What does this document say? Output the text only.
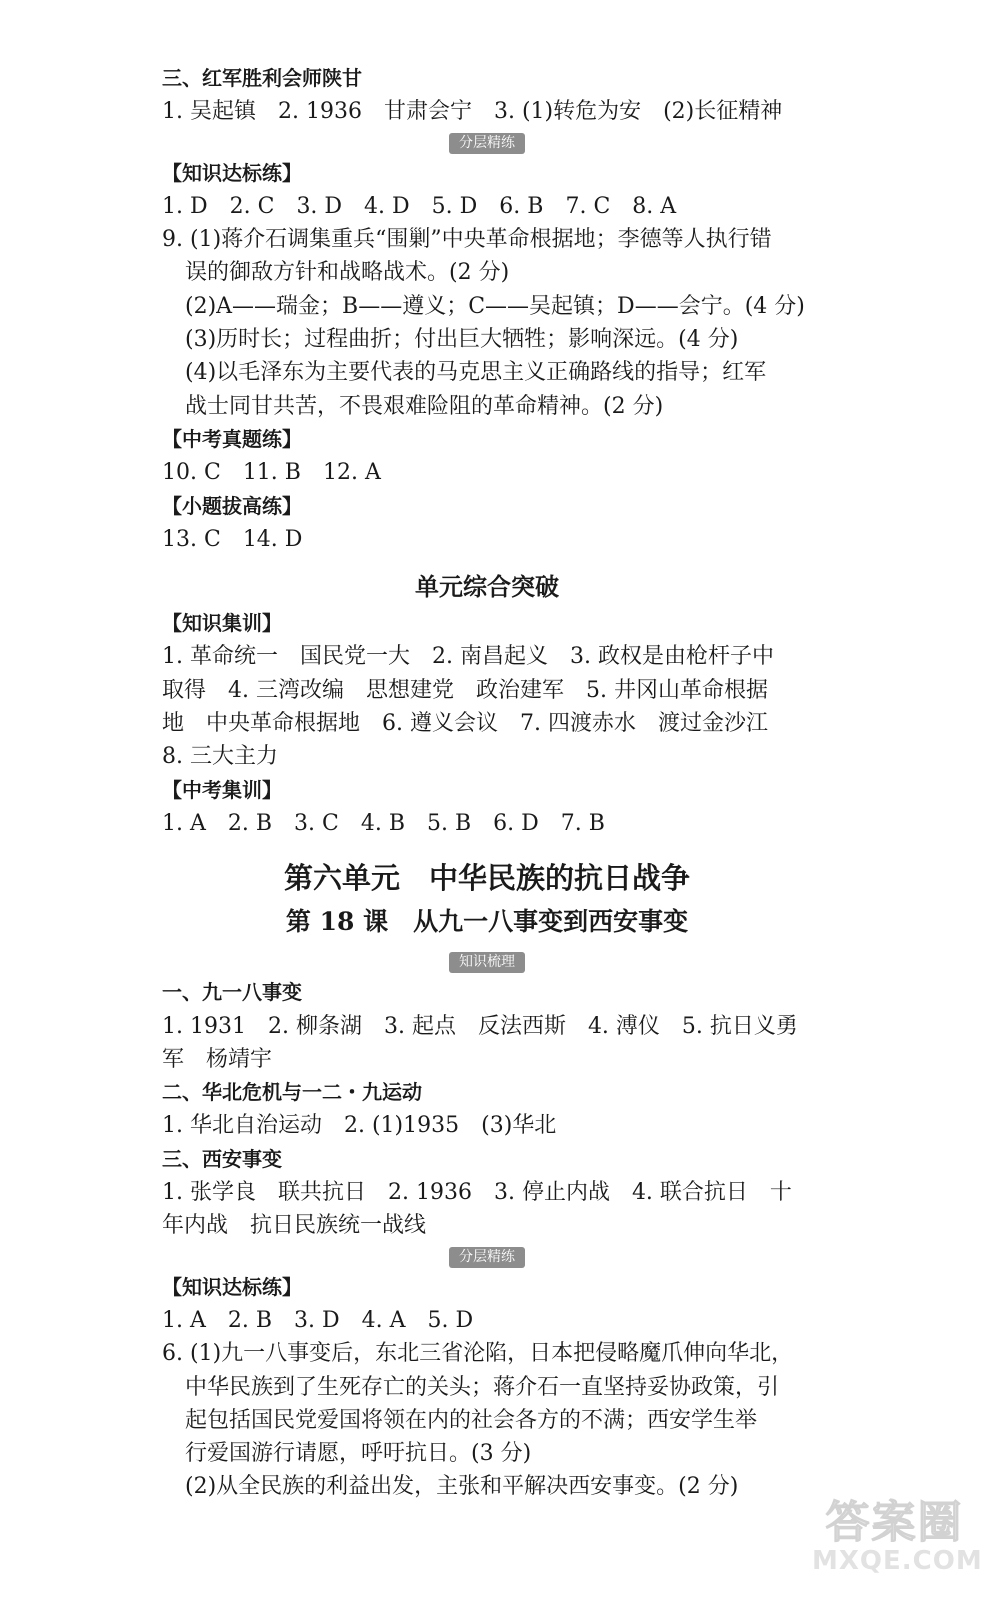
三、红军胜利会师陕甘
1. 吴起镇　2. 1936　甘肃会宁　3. (1)转危为安　(2)长征精神
分层精练
【知识达标练】
1. D　2. C　3. D　4. D　5. D　6. B　7. C　8. A
9. (1)蒋介石调集重兵“围剿”中央革命根据地；李德等人执行错
误的御敌方针和战略战术。(2 分)
(2)A——瑞金；B——遵义；C——吴起镇；D——会宁。(4 分)
(3)历时长；过程曲折；付出巨大牺牲；影响深远。(4 分)
(4)以毛泽东为主要代表的马克思主义正确路线的指导；红军
战士同甘共苦，不畏艰难险阻的革命精神。(2 分)
【中考真题练】
10. C　11. B　12. A
【小题拔高练】
13. C　14. D
单元综合突破
【知识集训】
1. 革命统一　国民党一大　2. 南昌起义　3. 政权是由枪杆子中
取得　4. 三湾改编　思想建党　政治建军　5. 井冈山革命根据
地　中央革命根据地　6. 遵义会议　7. 四渡赤水　渡过金沙江
8. 三大主力
【中考集训】
1. A　2. B　3. C　4. B　5. B　6. D　7. B
第六单元　中华民族的抗日战争
第 18 课　从九一八事变到西安事变
知识梳理
一、九一八事变
1. 1931　2. 柳条湖　3. 起点　反法西斯　4. 溥仪　5. 抗日义勇
军　杨靖宇
二、华北危机与一二・九运动
1. 华北自治运动　2. (1)1935　(3)华北
三、西安事变
1. 张学良　联共抗日　2. 1936　3. 停止内战　4. 联合抗日　十
年内战　抗日民族统一战线
分层精练
【知识达标练】
1. A　2. B　3. D　4. A　5. D
6. (1)九一八事变后，东北三省沦陷，日本把侵略魔爪伸向华北，
中华民族到了生死存亡的关头；蒋介石一直坚持妥协政策，引
起包括国民党爱国将领在内的社会各方的不满；西安学生举
行爱国游行请愿，呼吁抗日。(3 分)
(2)从全民族的利益出发，主张和平解决西安事变。(2 分)
答案圈
MXQE.COM
